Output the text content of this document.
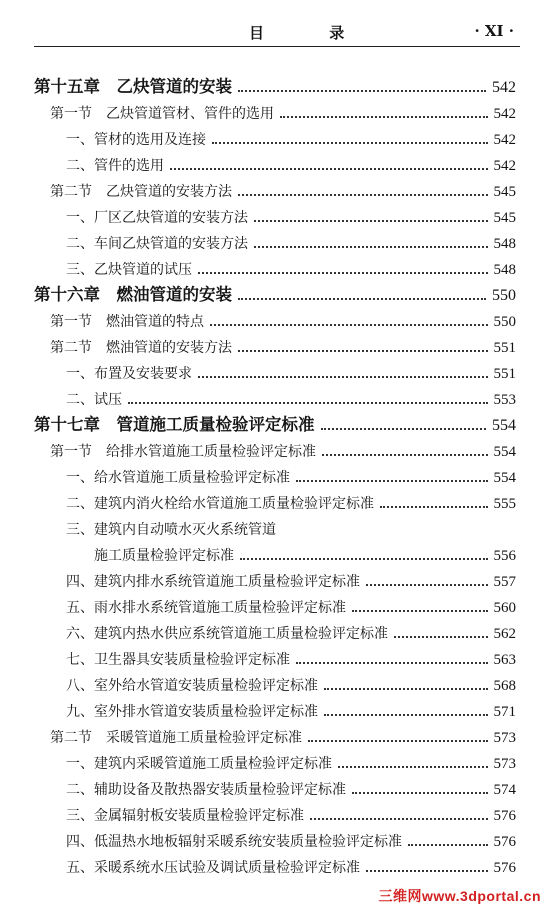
目 录	· XI ·
第十五章　乙炔管道的安装	542
第一节　乙炔管道管材、管件的选用	542
一、管材的选用及连接	542
二、管件的选用	542
第二节　乙炔管道的安装方法	545
一、厂区乙炔管道的安装方法	545
二、车间乙炔管道的安装方法	548
三、乙炔管道的试压	548
第十六章　燃油管道的安装	550
第一节　燃油管道的特点	550
第二节　燃油管道的安装方法	551
一、布置及安装要求	551
二、试压	553
第十七章　管道施工质量检验评定标准	554
第一节　给排水管道施工质量检验评定标准	554
一、给水管道施工质量检验评定标准	554
二、建筑内消火栓给水管道施工质量检验评定标准	555
三、建筑内自动喷水灭火系统管道
　　施工质量检验评定标准	556
四、建筑内排水系统管道施工质量检验评定标准	557
五、雨水排水系统管道施工质量检验评定标准	560
六、建筑内热水供应系统管道施工质量检验评定标准	562
七、卫生器具安装质量检验评定标准	563
八、室外给水管道安装质量检验评定标准	568
九、室外排水管道安装质量检验评定标准	571
第二节　采暖管道施工质量检验评定标准	573
一、建筑内采暖管道施工质量检验评定标准	573
二、辅助设备及散热器安装质量检验评定标准	574
三、金属辐射板安装质量检验评定标准	576
四、低温热水地板辐射采暖系统安装质量检验评定标准	576
五、采暖系统水压试验及调试质量检验评定标准	576
三维网www.3dportal.cn
